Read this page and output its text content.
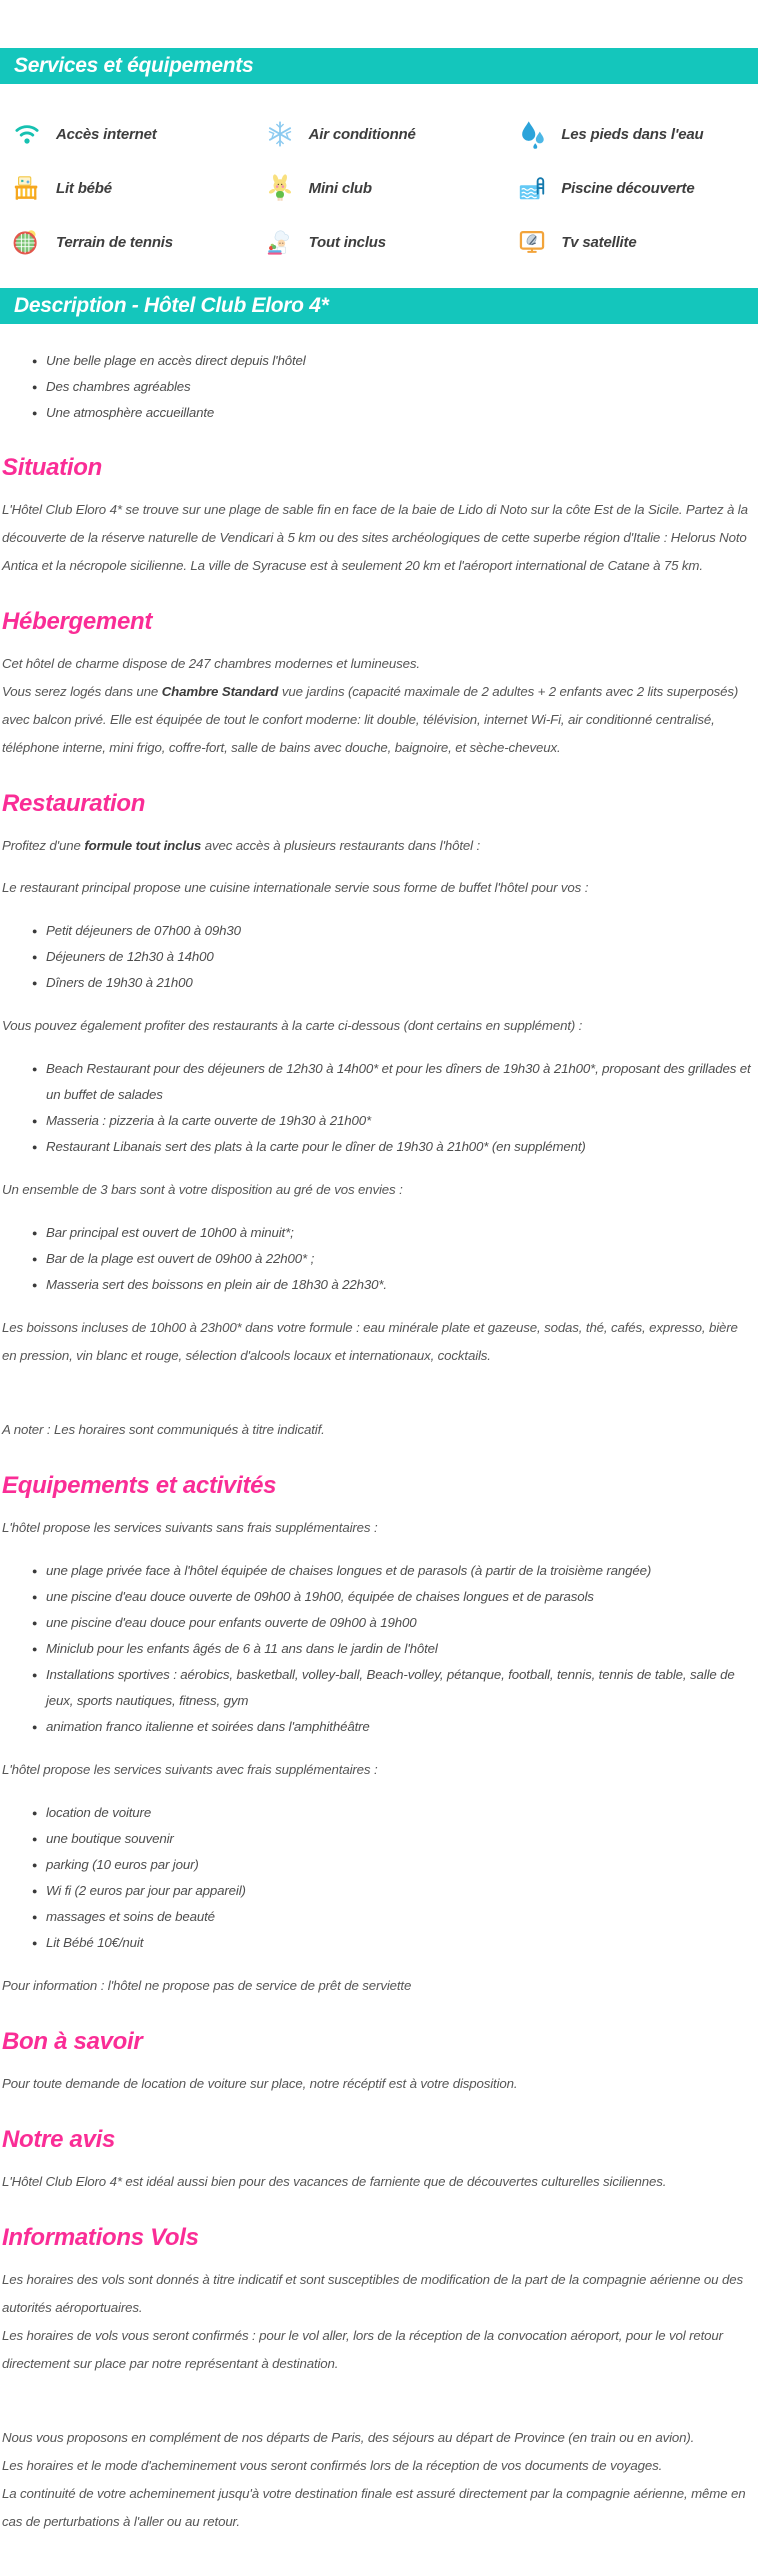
Services et équipements
Accès internet	Air conditionné	Les pieds dans l'eau
Lit bébé	Mini club	Piscine découverte
Terrain de tennis	Tout inclus	Tv satellite
Description - Hôtel Club Eloro 4*
● Une belle plage en accès direct depuis l'hôtel
● Des chambres agréables
● Une atmosphère accueillante
Situation

L'Hôtel Club Eloro 4* se trouve sur une plage de sable fin en face de la baie de Lido di Noto sur la côte Est de la Sicile. Partez à la découverte de la réserve naturelle de Vendicari à 5 km ou des sites archéologiques de cette superbe région d'Italie : Helorus Noto Antica et la nécropole sicilienne. La ville de Syracuse est à seulement 20 km et l'aéroport international de Catane à 75 km.

Hébergement

Cet hôtel de charme dispose de 247 chambres modernes et lumineuses.
Vous serez logés dans une Chambre Standard vue jardins (capacité maximale de 2 adultes + 2 enfants avec 2 lits superposés) avec balcon privé. Elle est équipée de tout le confort moderne: lit double, télévision, internet Wi-Fi, air conditionné centralisé, téléphone interne, mini frigo, coffre-fort, salle de bains avec douche, baignoire, et sèche-cheveux.

Restauration

Profitez d'une formule tout inclus avec accès à plusieurs restaurants dans l'hôtel :

Le restaurant principal propose une cuisine internationale servie sous forme de buffet l'hôtel pour vos :

● Petit déjeuners de 07h00 à 09h30
● Déjeuners de 12h30 à 14h00
● Dîners de 19h30 à 21h00

Vous pouvez également profiter des restaurants à la carte ci-dessous (dont certains en supplément) :

● Beach Restaurant pour des déjeuners de 12h30 à 14h00* et pour les dîners de 19h30 à 21h00*, proposant des grillades et un buffet de salades
● Masseria : pizzeria à la carte ouverte de 19h30 à 21h00*
● Restaurant Libanais sert des plats à la carte pour le dîner de 19h30 à 21h00* (en supplément)

Un ensemble de 3 bars sont à votre disposition au gré de vos envies :

● Bar principal est ouvert de 10h00 à minuit*;
● Bar de la plage est ouvert de 09h00 à 22h00* ;
● Masseria sert des boissons en plein air de 18h30 à 22h30*.

Les boissons incluses de 10h00 à 23h00* dans votre formule : eau minérale plate et gazeuse, sodas, thé, cafés, expresso, bière en pression, vin blanc et rouge, sélection d'alcools locaux et internationaux, cocktails.

A noter : Les horaires sont communiqués à titre indicatif.

Equipements et activités

L'hôtel propose les services suivants sans frais supplémentaires :

● une plage privée face à l'hôtel équipée de chaises longues et de parasols (à partir de la troisième rangée)
● une piscine d'eau douce ouverte de 09h00 à 19h00, équipée de chaises longues et de parasols
● une piscine d'eau douce pour enfants ouverte de 09h00 à 19h00
● Miniclub pour les enfants âgés de 6 à 11 ans dans le jardin de l'hôtel
● Installations sportives : aérobics, basketball, volley-ball, Beach-volley, pétanque, football, tennis, tennis de table, salle de jeux, sports nautiques, fitness, gym
● animation franco italienne et soirées dans l'amphithéâtre

L'hôtel propose les services suivants avec frais supplémentaires :

● location de voiture
● une boutique souvenir
● parking (10 euros par jour)
● Wi fi (2 euros par jour par appareil)
● massages et soins de beauté
● Lit Bébé 10€/nuit

Pour information : l'hôtel ne propose pas de service de prêt de serviette

Bon à savoir

Pour toute demande de location de voiture sur place, notre récéptif est à votre disposition.

Notre avis

L'Hôtel Club Eloro 4* est idéal aussi bien pour des vacances de farniente que de découvertes culturelles siciliennes.

Informations Vols

Les horaires des vols sont donnés à titre indicatif et sont susceptibles de modification de la part de la compagnie aérienne ou des autorités aéroportuaires.
Les horaires de vols vous seront confirmés : pour le vol aller, lors de la réception de la convocation aéroport, pour le vol retour directement sur place par notre représentant à destination.

Nous vous proposons en complément de nos départs de Paris, des séjours au départ de Province (en train ou en avion).
Les horaires et le mode d'acheminement vous seront confirmés lors de la réception de vos documents de voyages.
La continuité de votre acheminement jusqu'à votre destination finale est assuré directement par la compagnie aérienne, même en cas de perturbations à l'aller ou au retour.
